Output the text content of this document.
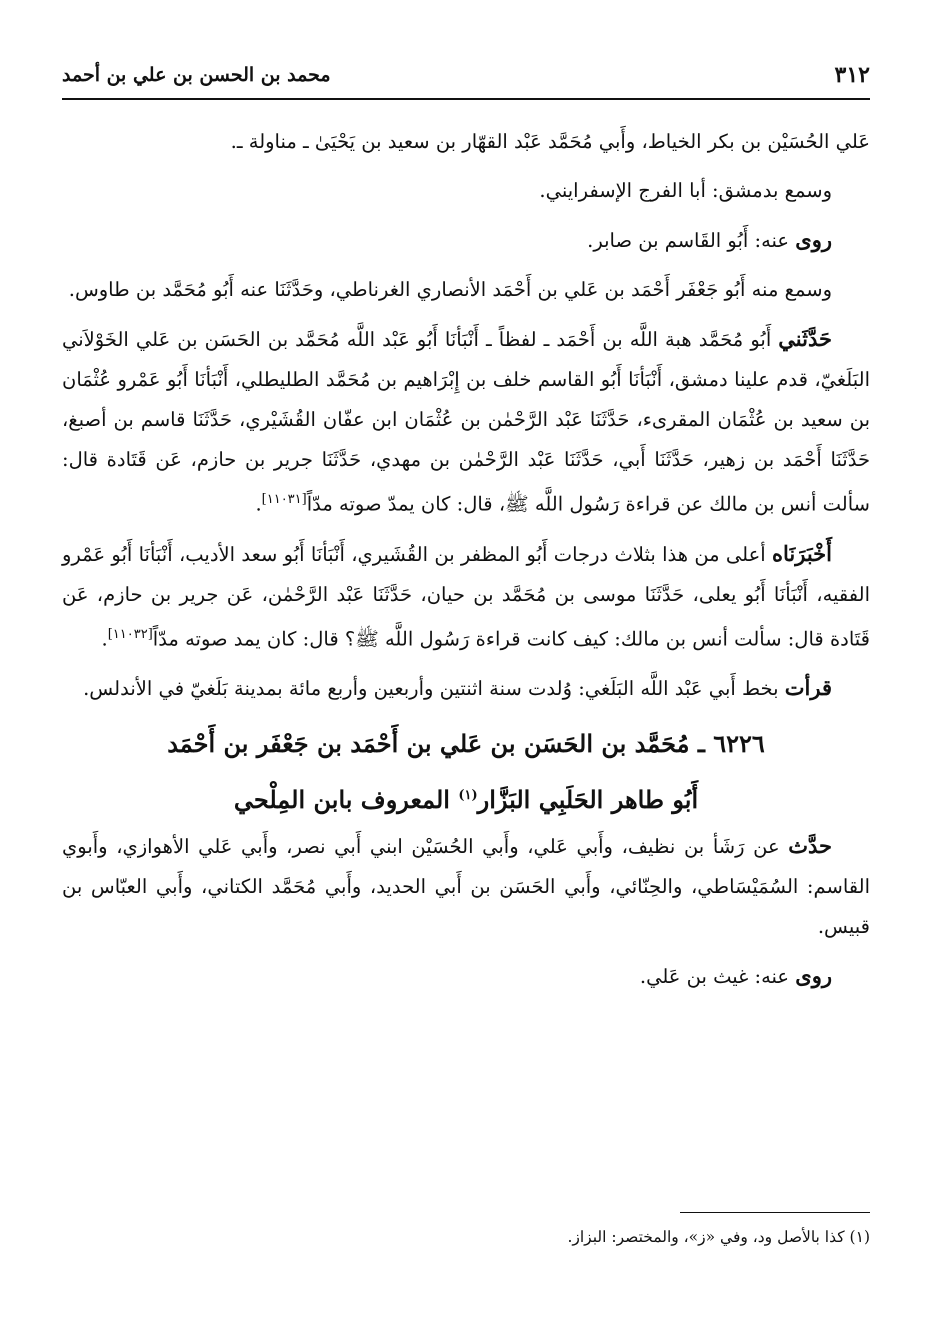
٣١٢
محمد بن الحسن بن علي بن أحمد

عَلي الحُسَيْن بن بكر الخياط، وأَبي مُحَمَّد عَبْد القهّار بن سعيد بن يَحْيَىٰ ـ مناولة ـ.

وسمع بدمشق: أبا الفرج الإسفرايني.

روى عنه: أَبُو القَاسم بن صابر.

وسمع منه أَبُو جَعْفَر أَحْمَد بن عَلي بن أَحْمَد الأنصاري الغرناطي، وحَدَّثَنَا عنه أَبُو مُحَمَّد بن طاوس.

حَدَّثَني أَبُو مُحَمَّد هبة اللَّه بن أَحْمَد ـ لفظاً ـ أَنْبَأنَا أَبُو عَبْد اللَّه مُحَمَّد بن الحَسَن بن عَلي الخَوْلاَني البَلَغيّ، قدم علينا دمشق، أَنْبَأنَا أَبُو القاسم خلف بن إِبْرَاهيم بن مُحَمَّد الطليطلي، أَنْبَأنَا أَبُو عَمْرو عُثْمَان بن سعيد بن عُثْمَان المقرىء، حَدَّثَنَا عَبْد الرَّحْمٰن بن عُثْمَان ابن عفّان القُشَيْري، حَدَّثَنَا قاسم بن أصبغ، حَدَّثَنَا أَحْمَد بن زهير، حَدَّثَنَا أَبي، حَدَّثَنَا عَبْد الرَّحْمٰن بن مهدي، حَدَّثَنَا جرير بن حازم، عَن قَتَادة قال: سألت أنس بن مالك عن قراءة رَسُول اللَّه ﷺ، قال: كان يمدّ صوته مدّاً[١١٠٣١].

أَخْبَرَنَاه أعلى من هذا بثلاث درجات أَبُو المظفر بن القُشَيري، أَنْبَأنَا أَبُو سعد الأديب، أَنْبَأنَا أَبُو عَمْرو الفقيه، أَنْبَأنَا أَبُو يعلى، حَدَّثَنَا موسى بن مُحَمَّد بن حيان، حَدَّثَنَا عَبْد الرَّحْمٰن، عَن جرير بن حازم، عَن قَتَادة قال: سألت أنس بن مالك: كيف كانت قراءة رَسُول اللَّه ﷺ؟ قال: كان يمد صوته مدّاً[١١٠٣٢].

قرأت بخط أَبي عَبْد اللَّه البَلَغي: وُلدت سنة اثنتين وأربعين وأربع مائة بمدينة بَلَغيّ في الأندلس.

٦٢٢٦ ـ مُحَمَّد بن الحَسَن بن عَلي بن أَحْمَد بن جَعْفَر بن أَحْمَد
أَبُو طاهر الحَلَبِي البَزَّار$^{(١)}$ المعروف بابن المِلْحي

حدَّث عن رَشَأ بن نظيف، وأَبي عَلي، وأَبي الحُسَيْن ابني أَبي نصر، وأَبي عَلي الأهوازي، وأَبوي القاسم: السُمَيْسَاطي، والحِنّائي، وأَبي الحَسَن بن أَبي الحديد، وأَبي مُحَمَّد الكتاني، وأَبي العبّاس بن قبيس.

روى عنه: غيث بن عَلي.

(١) كذا بالأصل ود، وفي «ز»، والمختصر: البزاز.
